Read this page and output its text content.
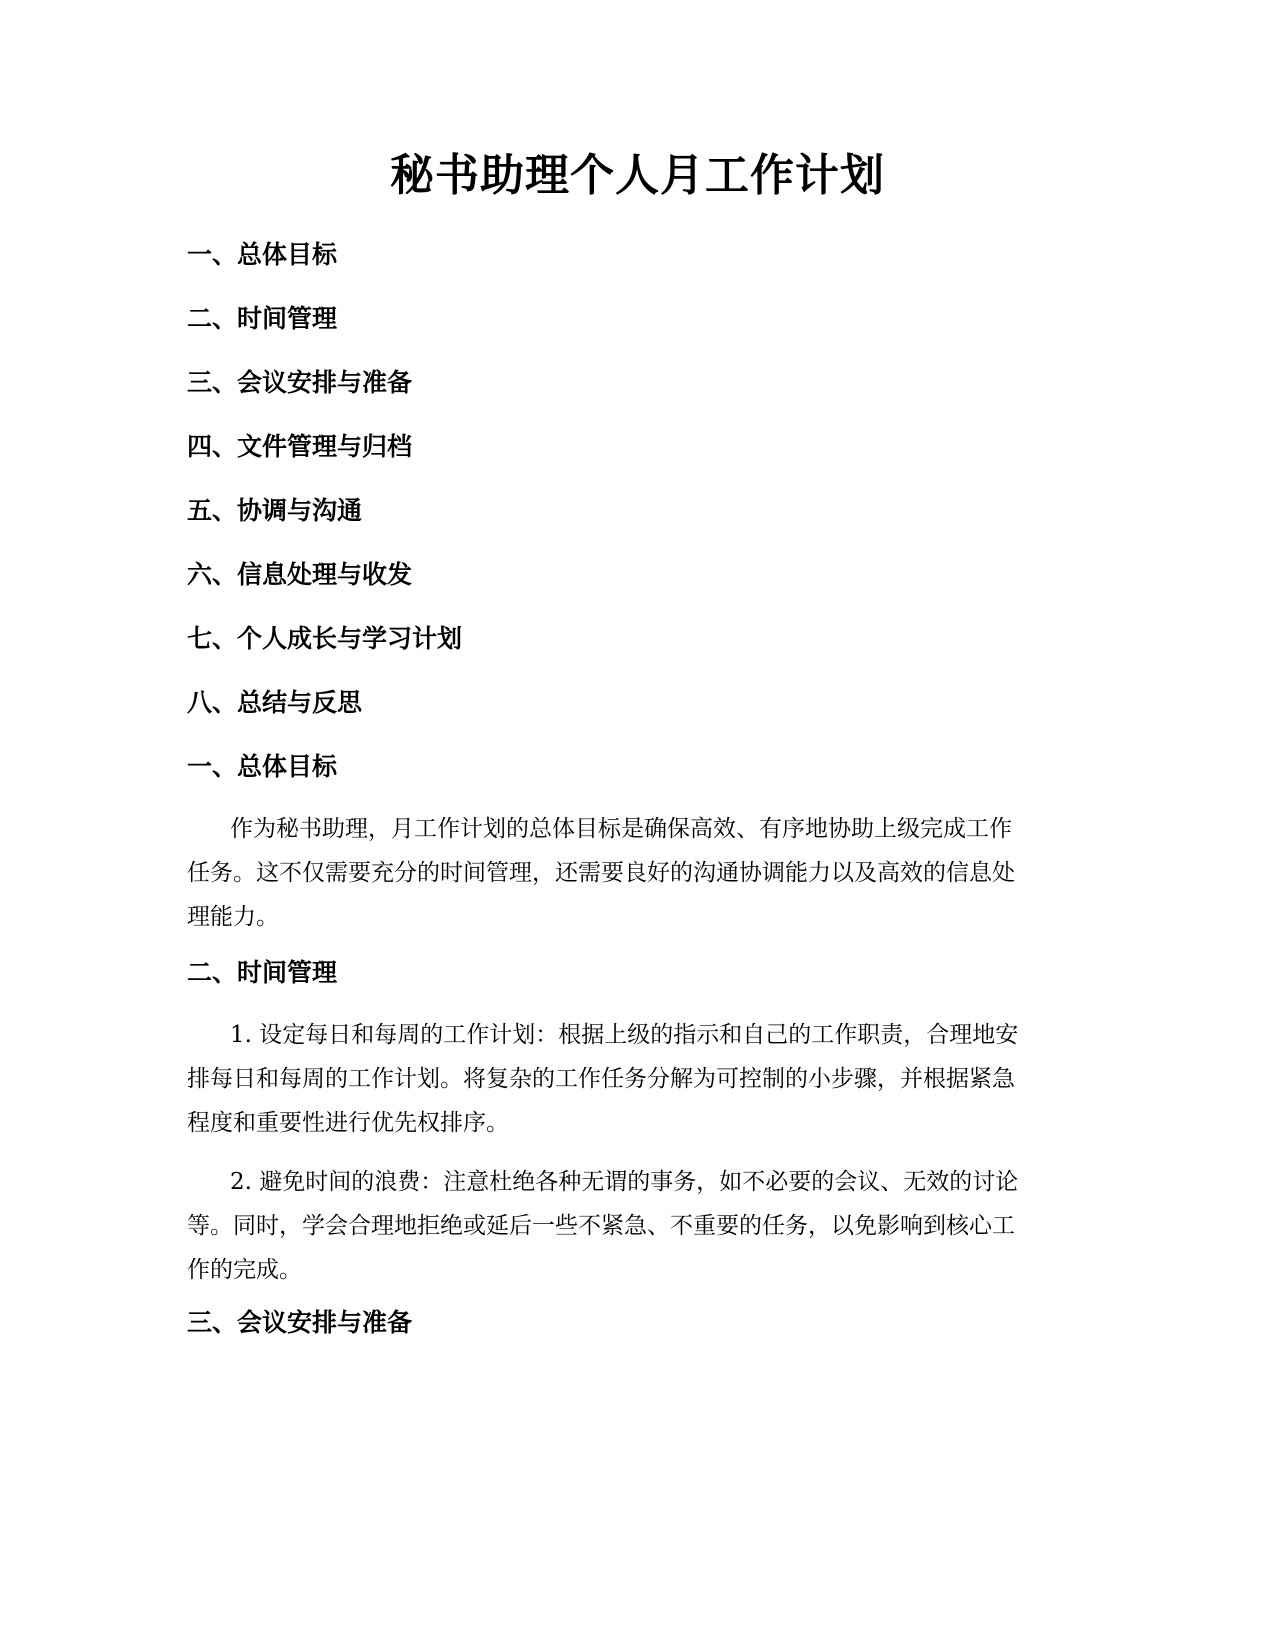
秘书助理个人月工作计划
一、总体目标
二、时间管理
三、会议安排与准备
四、文件管理与归档
五、协调与沟通
六、信息处理与收发
七、个人成长与学习计划
八、总结与反思
一、总体目标
作为秘书助理，月工作计划的总体目标是确保高效、有序地协助上级完成工作
任务。这不仅需要充分的时间管理，还需要良好的沟通协调能力以及高效的信息处
理能力。
二、时间管理
1. 设定每日和每周的工作计划：根据上级的指示和自己的工作职责，合理地安
排每日和每周的工作计划。将复杂的工作任务分解为可控制的小步骤，并根据紧急
程度和重要性进行优先权排序。
2. 避免时间的浪费：注意杜绝各种无谓的事务，如不必要的会议、无效的讨论
等。同时，学会合理地拒绝或延后一些不紧急、不重要的任务，以免影响到核心工
作的完成。
三、会议安排与准备
